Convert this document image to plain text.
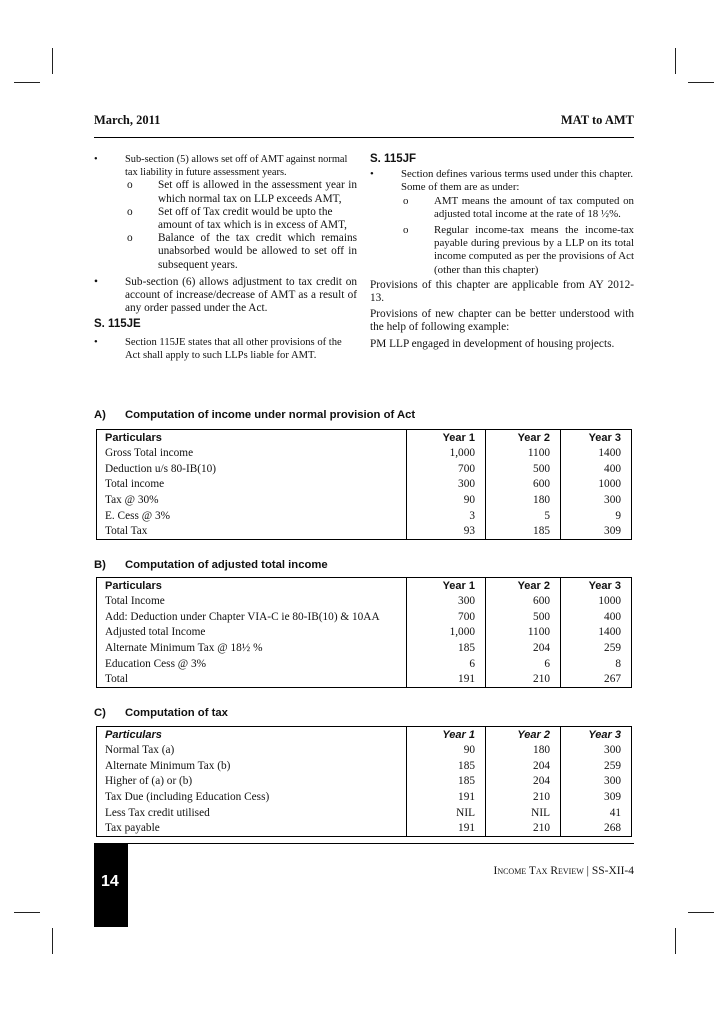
March, 2011	MAT to AMT
•	Sub-section (5) allows set off of AMT against normal tax liability in future assessment years.
o Set off is allowed in the assessment year in which normal tax on LLP exceeds AMT,
o Set off of Tax credit would be upto the amount of tax which is in excess of AMT,
o Balance of the tax credit which remains unabsorbed would be allowed to set off in subsequent years.
• Sub-section (6) allows adjustment to tax credit on account of increase/decrease of AMT as a result of any order passed under the Act.
S. 115JE
•	Section 115JE states that all other provisions of the Act shall apply to such LLPs liable for AMT.
S. 115JF
•	Section defines various terms used under this chapter. Some of them are as under:
o AMT means the amount of tax computed on adjusted total income at the rate of 18 ½%.
o Regular income-tax means the income-tax payable during previous by a LLP on its total income computed as per the provisions of Act (other than this chapter)

Provisions of this chapter are applicable from AY 2012-13.

Provisions of new chapter can be better understood with the help of following example:

PM LLP engaged in development of housing projects.

A) Computation of income under normal provision of Act
Particulars	Year 1	Year 2	Year 3
Gross Total income	1,000	1100	1400
Deduction u/s 80-IB(10)	700	500	400
Total income	300	600	1000
Tax @ 30%	90	180	300
E. Cess @ 3%	3	5	9
Total Tax	93	185	309
B) Computation of adjusted total income
Particulars	Year 1	Year 2	Year 3
Total Income	300	600	1000
Add: Deduction under Chapter VIA-C ie 80-IB(10) & 10AA	700	500	400
Adjusted total Income	1,000	1100	1400
Alternate Minimum Tax @ 18½ %	185	204	259
Education Cess @ 3%	6	6	8
Total	191	210	267
C) Computation of tax
Particulars	Year 1	Year 2	Year 3
Normal Tax (a)	90	180	300
Alternate Minimum Tax (b)	185	204	259
Higher of (a) or (b)	185	204	300
Tax Due (including Education Cess)	191	210	309
Less Tax credit utilised	NIL	NIL	41
Tax payable	191	210	268
14
Income Tax Review | SS-XII-4
